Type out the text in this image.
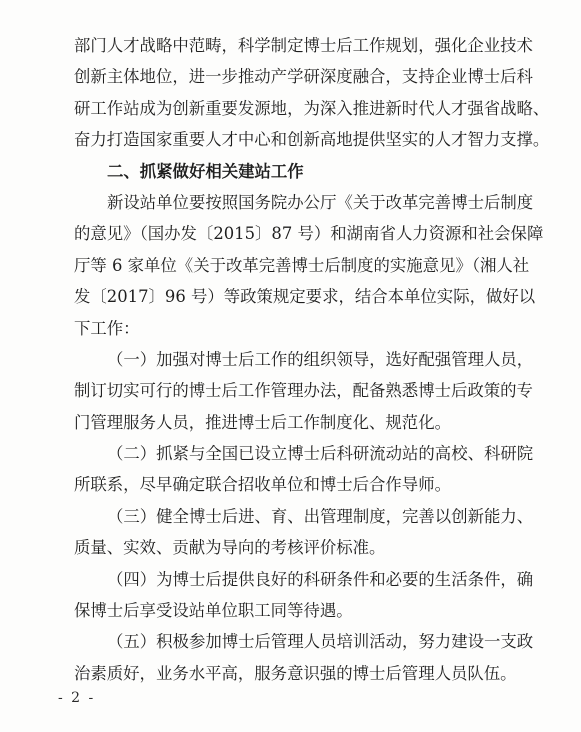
部门人才战略中范畴，科学制定博士后工作规划，强化企业技术
创新主体地位，进一步推动产学研深度融合，支持企业博士后科
研工作站成为创新重要发源地，为深入推进新时代人才强省战略、
奋力打造国家重要人才中心和创新高地提供坚实的人才智力支撑。
二、抓紧做好相关建站工作
新设站单位要按照国务院办公厅《关于改革完善博士后制度
的意见》（国办发〔2015〕87 号）和湖南省人力资源和社会保障
厅等 6 家单位《关于改革完善博士后制度的实施意见》（湘人社
发〔2017〕96 号）等政策规定要求，结合本单位实际，做好以
下工作：
（一）加强对博士后工作的组织领导，选好配强管理人员，
制订切实可行的博士后工作管理办法，配备熟悉博士后政策的专
门管理服务人员，推进博士后工作制度化、规范化。
（二）抓紧与全国已设立博士后科研流动站的高校、科研院
所联系，尽早确定联合招收单位和博士后合作导师。
（三）健全博士后进、育、出管理制度，完善以创新能力、
质量、实效、贡献为导向的考核评价标准。
（四）为博士后提供良好的科研条件和必要的生活条件，确
保博士后享受设站单位职工同等待遇。
（五）积极参加博士后管理人员培训活动，努力建设一支政
治素质好，业务水平高，服务意识强的博士后管理人员队伍。
- 2 -
